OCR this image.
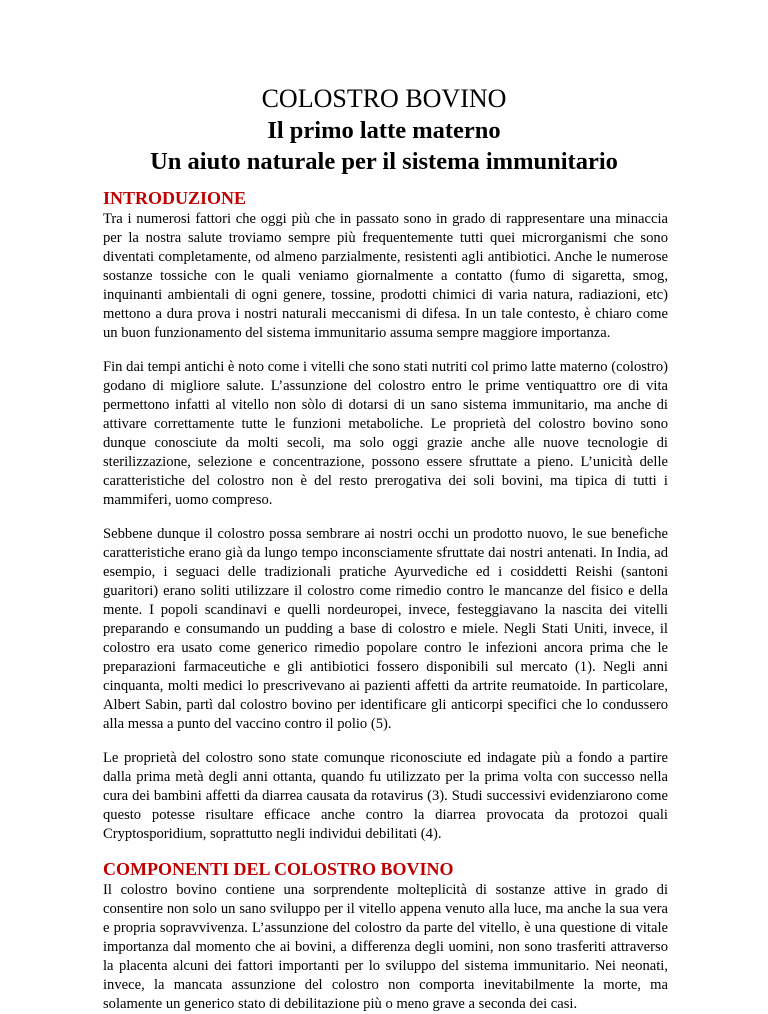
COLOSTRO BOVINO
Il primo latte materno
Un aiuto naturale per il sistema immunitario
INTRODUZIONE

Tra i numerosi fattori che oggi più che in passato sono in grado di rappresentare una minaccia per la nostra salute troviamo sempre più frequentemente tutti quei microrganismi che sono diventati completamente, od almeno parzialmente, resistenti agli antibiotici. Anche le numerose sostanze tossiche con le quali veniamo giornalmente a contatto (fumo di sigaretta, smog, inquinanti ambientali di ogni genere, tossine, prodotti chimici di varia natura, radiazioni, etc) mettono a dura prova i nostri naturali meccanismi di difesa. In un tale contesto, è chiaro come un buon funzionamento del sistema immunitario assuma sempre maggiore importanza.

Fin dai tempi antichi è noto come i vitelli che sono stati nutriti col primo latte materno (colostro) godano di migliore salute. L’assunzione del colostro entro le prime ventiquattro ore di vita permettono infatti al vitello non sòlo di dotarsi di un sano sistema immunitario, ma anche di attivare correttamente tutte le funzioni metaboliche. Le proprietà del colostro bovino sono dunque conosciute da molti secoli, ma solo oggi grazie anche alle nuove tecnologie di sterilizzazione, selezione e concentrazione, possono essere sfruttate a pieno. L’unicità delle caratteristiche del colostro non è del resto prerogativa dei soli bovini, ma tipica di tutti i mammiferi, uomo compreso.

Sebbene dunque il colostro possa sembrare ai nostri occhi un prodotto nuovo, le sue benefiche caratteristiche erano già da lungo tempo inconsciamente sfruttate dai nostri antenati. In India, ad esempio, i seguaci delle tradizionali pratiche Ayurvediche ed i cosiddetti Reishi (santoni guaritori) erano soliti utilizzare il colostro come rimedio contro le mancanze del fisico e della mente. I popoli scandinavi e quelli nordeuropei, invece, festeggiavano la nascita dei vitelli preparando e consumando un pudding a base di colostro e miele. Negli Stati Uniti, invece, il colostro era usato come generico rimedio popolare contro le infezioni ancora prima che le preparazioni farmaceutiche e gli antibiotici fossero disponibili sul mercato (1). Negli anni cinquanta, molti medici lo prescrivevano ai pazienti affetti da artrite reumatoide. In particolare, Albert Sabin, partì dal colostro bovino per identificare gli anticorpi specifici che lo condussero alla messa a punto del vaccino contro il polio (5).

Le proprietà del colostro sono state comunque riconosciute ed indagate più a fondo a partire dalla prima metà degli anni ottanta, quando fu utilizzato per la prima volta con successo nella cura dei bambini affetti da diarrea causata da rotavirus (3). Studi successivi evidenziarono come questo potesse risultare efficace anche contro la diarrea provocata da protozoi quali Cryptosporidium, soprattutto negli individui debilitati (4).

COMPONENTI DEL COLOSTRO BOVINO

Il colostro bovino contiene una sorprendente molteplicità di sostanze attive in grado di consentire non solo un sano sviluppo per il vitello appena venuto alla luce, ma anche la sua vera e propria sopravvivenza. L’assunzione del colostro da parte del vitello, è una questione di vitale importanza dal momento che ai bovini, a differenza degli uomini, non sono trasferiti attraverso la placenta alcuni dei fattori importanti per lo sviluppo del sistema immunitario. Nei neonati, invece, la mancata assunzione del colostro non comporta inevitabilmente la morte, ma solamente un generico stato di debilitazione più o meno grave a seconda dei casi.
